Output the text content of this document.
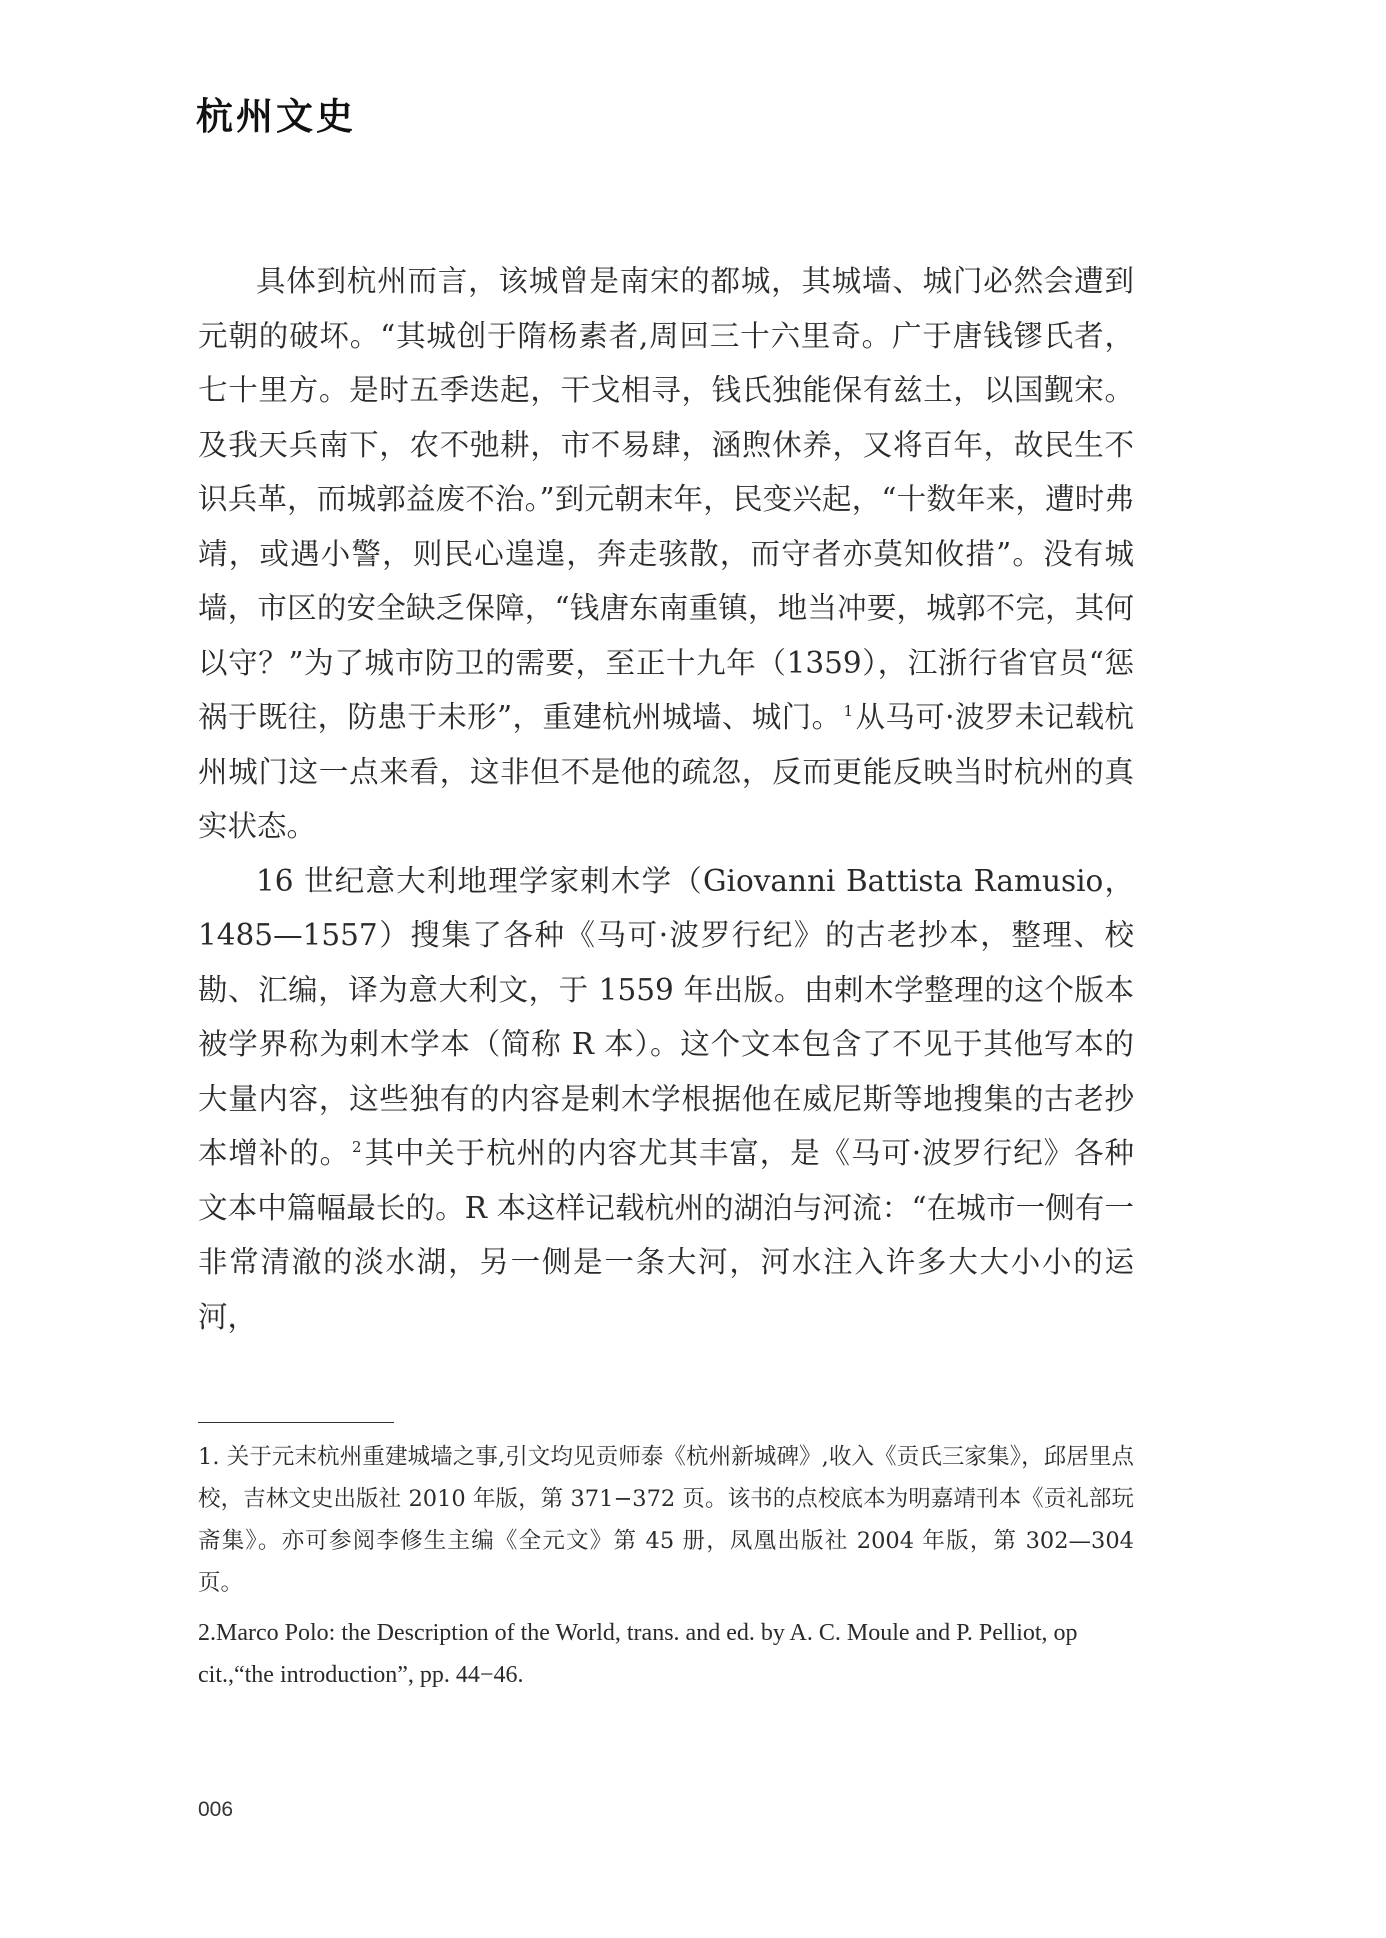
杭州文史

具体到杭州而言，该城曾是南宋的都城，其城墙、城门必然会遭到元朝的破坏。“其城创于隋杨素者,周回三十六里奇。广于唐钱镠氏者，七十里方。是时五季迭起，干戈相寻，钱氏独能保有兹土，以国觐宋。及我天兵南下，农不弛耕，市不易肆，涵煦休养，又将百年，故民生不识兵革，而城郭益废不治。”到元朝末年，民变兴起，“十数年来，遭时弗靖，或遇小警，则民心遑遑，奔走骇散，而守者亦莫知攸措”。没有城墙，市区的安全缺乏保障，“钱唐东南重镇，地当冲要，城郭不完，其何以守？”为了城市防卫的需要，至正十九年（1359），江浙行省官员“惩祸于既往，防患于未形”，重建杭州城墙、城门。 $^1$从马可·波罗未记载杭州城门这一点来看，这非但不是他的疏忽，反而更能反映当时杭州的真实状态。

16 世纪意大利地理学家剌木学（Giovanni Battista Ramusio，1485—1557）搜集了各种《马可·波罗行纪》的古老抄本，整理、校勘、汇编，译为意大利文，于 1559 年出版。由剌木学整理的这个版本被学界称为剌木学本（简称 R 本）。这个文本包含了不见于其他写本的大量内容，这些独有的内容是剌木学根据他在威尼斯等地搜集的古老抄本增补的。 $^2$其中关于杭州的内容尤其丰富，是《马可·波罗行纪》各种文本中篇幅最长的。R 本这样记载杭州的湖泊与河流：“在城市一侧有一非常清澈的淡水湖，另一侧是一条大河，河水注入许多大大小小的运河，

1. 关于元末杭州重建城墙之事,引文均见贡师泰《杭州新城碑》,收入《贡氏三家集》，邱居里点校，吉林文史出版社 2010 年版，第 371−372 页。该书的点校底本为明嘉靖刊本《贡礼部玩斋集》。亦可参阅李修生主编《全元文》第 45 册，凤凰出版社 2004 年版，第 302—304 页。

2.Marco Polo: the Description of the World, trans. and ed. by A. C. Moule and P. Pelliot, op cit.,“the introduction”, pp. 44−46.

006
